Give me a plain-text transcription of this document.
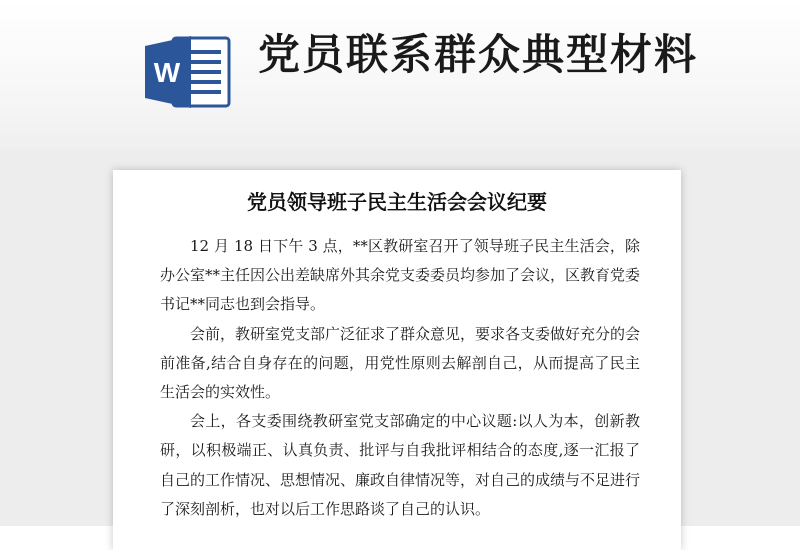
W 党员联系群众典型材料
党员领导班子民主生活会会议纪要

12 月 18 日下午 3 点，**区教研室召开了领导班子民主生活会，除办公室**主任因公出差缺席外其余党支委委员均参加了会议，区教育党委书记**同志也到会指导。

会前，教研室党支部广泛征求了群众意见，要求各支委做好充分的会前准备,结合自身存在的问题，用党性原则去解剖自己，从而提高了民主生活会的实效性。

会上，各支委围绕教研室党支部确定的中心议题:以人为本，创新教研，以积极端正、认真负责、批评与自我批评相结合的态度,逐一汇报了自己的工作情况、思想情况、廉政自律情况等，对自己的成绩与不足进行了深刻剖析，也对以后工作思路谈了自己的认识。
